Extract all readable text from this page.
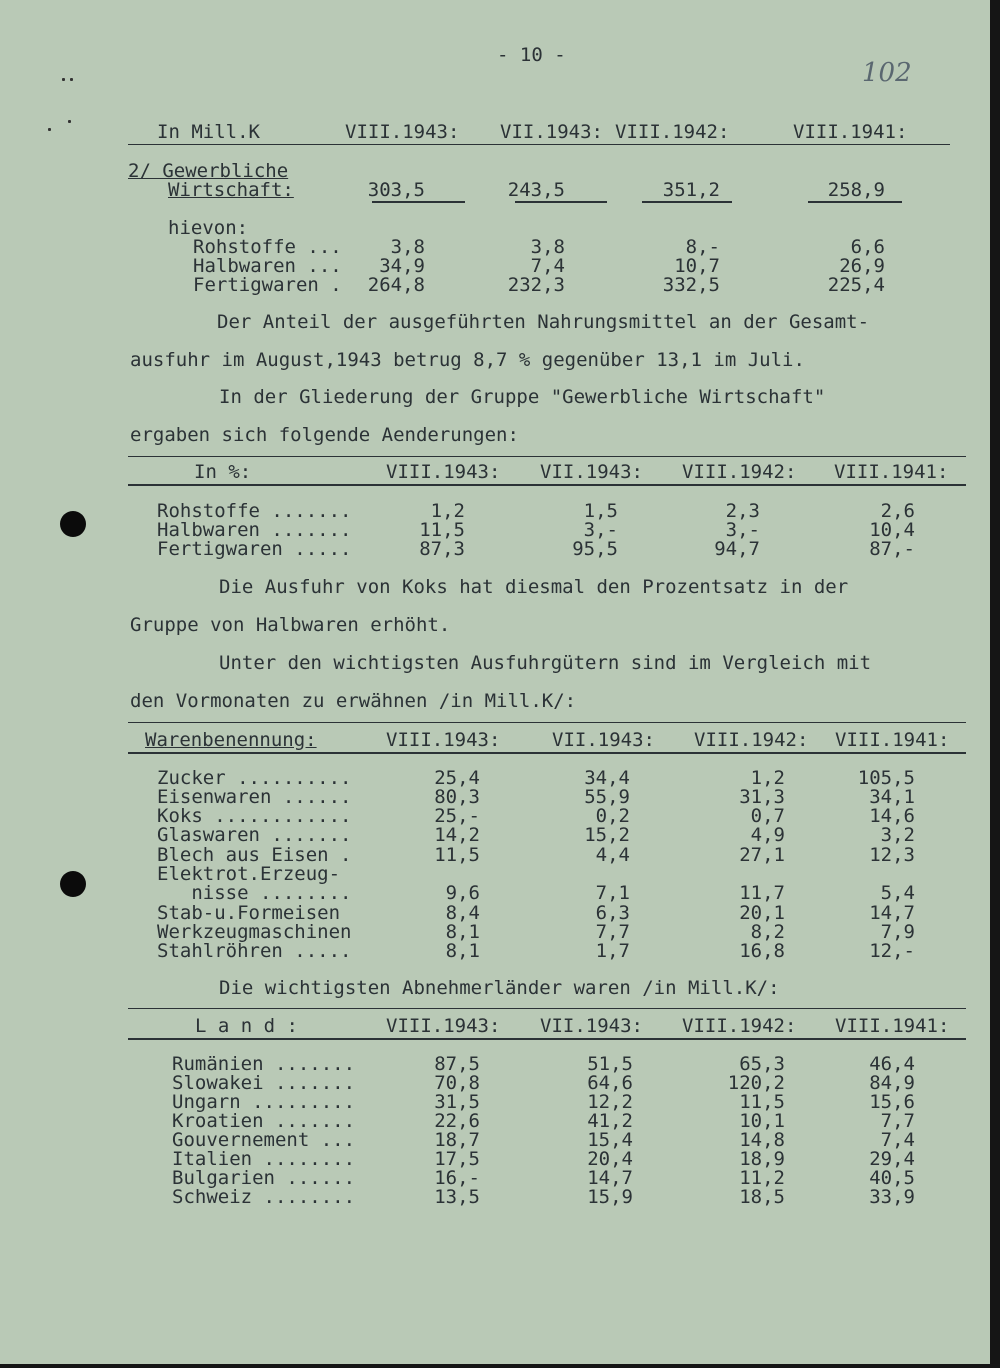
- 10 -
102
In Mill.K	VIII.1943: VII.1943: VIII.1942:	VIII.1941:
2/ Gewerbliche
Wirtschaft:	303,5	243,5	351,2	258,9
hievon:
Rohstoffe ...	3,8	3,8	8,-	6,6
Halbwaren ...	34,9	7,4	10,7	26,9
Fertigwaren .	264,8	232,3	332,5	225,4
Der Anteil der ausgeführten Nahrungsmittel an der Gesamt-
ausfuhr im August,1943 betrug 8,7 % gegenüber 13,1 im Juli.
In der Gliederung der Gruppe "Gewerbliche Wirtschaft"
ergaben sich folgende Aenderungen:
In %:	VIII.1943: VII.1943: VIII.1942: VIII.1941:
Rohstoffe .......	1,2	1,5	2,3	2,6
Halbwaren .......	11,5	3,-	3,-	10,4
Fertigwaren .....	87,3	95,5	94,7	87,-
Die Ausfuhr von Koks hat diesmal den Prozentsatz in der
Gruppe von Halbwaren erhöht.
Unter den wichtigsten Ausfuhrgütern sind im Vergleich mit
den Vormonaten zu erwähnen /in Mill.K/:
Warenbenennung:	VIII.1943:	VII.1943: VIII.1942: VIII.1941:
Zucker ..........	25,4	34,4	1,2	105,5
Eisenwaren ......	80,3	55,9	31,3	34,1
Koks ............	25,-	0,2	0,7	14,6
Glaswaren .......	14,2	15,2	4,9	3,2
Blech aus Eisen .	11,5	4,4	27,1	12,3
Elektrot.Erzeug-
nisse ........	9,6	7,1	11,7	5,4
Stab-u.Formeisen	8,4	6,3	20,1	14,7
Werkzeugmaschinen	8,1	7,7	8,2	7,9
Stahlröhren .....	8,1	1,7	16,8	12,-
Die wichtigsten Abnehmerländer waren /in Mill.K/:
L a n d :	VIII.1943: VII.1943: VIII.1942: VIII.1941:
Rumänien .......	87,5	51,5	65,3	46,4
Slowakei .......	70,8	64,6	120,2	84,9
Ungarn .........	31,5	12,2	11,5	15,6
Kroatien .......	22,6	41,2	10,1	7,7
Gouvernement ...	18,7	15,4	14,8	7,4
Italien ........	17,5	20,4	18,9	29,4
Bulgarien ......	16,-	14,7	11,2	40,5
Schweiz ........	13,5	15,9	18,5	33,9
